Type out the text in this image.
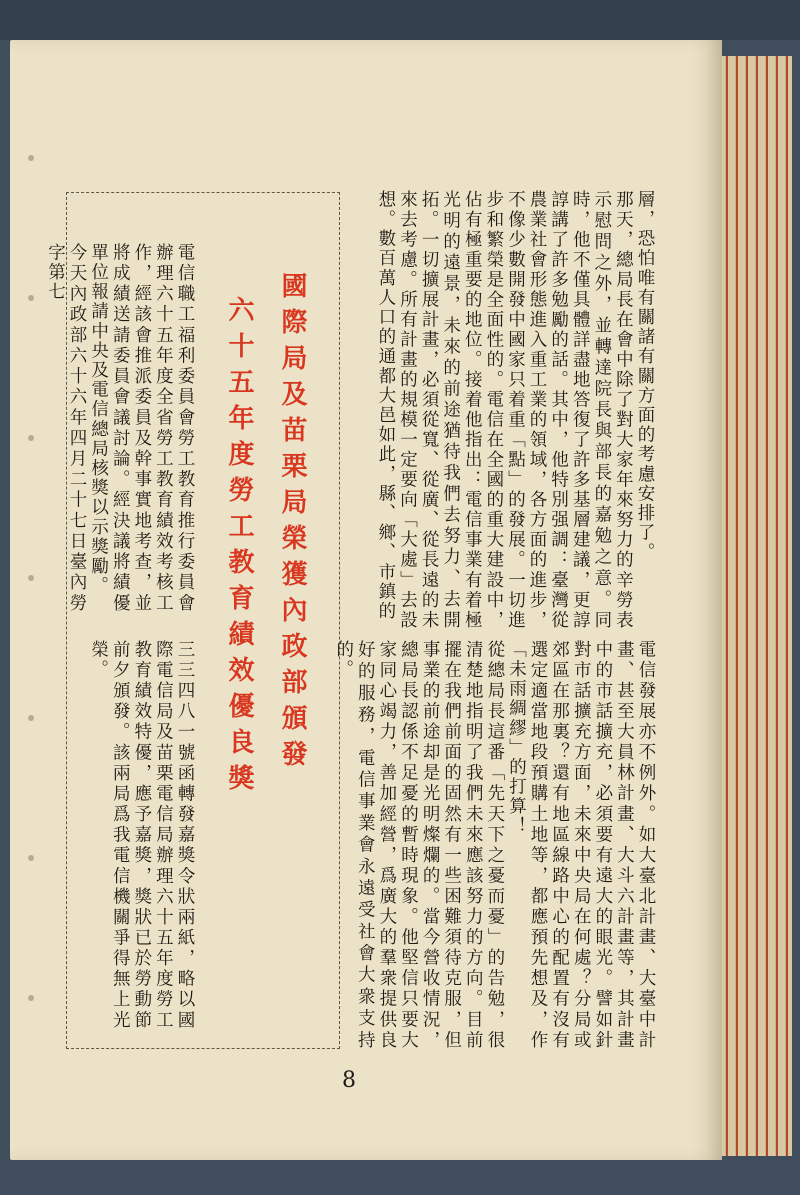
層，恐怕唯有關諸有關方面的考慮安排了。
那天，總局長在會中除了對大家年來努力的辛勞表示慰問之外，並轉達院長與部長的嘉勉之意。同時，他不僅具體詳盡地答復了許多基層建議，更諄諄講了許多勉勵的話。其中，他特別强調：臺灣從農業社會形態進入重工業的領域，各方面的進步，不像少數開發中國家只着重「點」的發展。一切進步和繁榮是全面性的。電信在全國的重大建設中，佔有極重要的地位。接着他指出：電信事業有着極光明的遠景，未來的前途猶待我們去努力、去開拓。一切擴展計畫，必須從寬、從廣、從長遠的未來去考慮。所有計畫的規模一定要向「大處」去設想。數百萬人口的通都大邑如此，縣、鄉、市鎮的
電信發展亦不例外。如大臺北計畫、大臺中計畫、甚至大員林計畫、大斗六計畫等，其計畫中的市話擴充，必須要有遠大的眼光。譬如針對市話擴充方面，未來中央局在何處？分局或郊區在那裏？還有地區線路中心的配置有沒有選定適當地段預購土地等，都應預先想及，作「未雨綢繆」的打算！
從總局長這番「先天下之憂而憂」的告勉，很清楚地指明了我們未來應該努力的方向。目前擺在我們前面的固然有一些困難須待克服，但事業的前途却是光明燦爛的。當今營收情況，總局長認係不足憂的暫時現象。他堅信只要大家同心竭力，善加經營，爲廣大的羣衆提供良好的服務，電信事業會永遠受社會大衆支持的。
國際局及苗栗局榮獲內政部頒發
六十五年度勞工教育績效優良獎
電信職工福利委員會勞工教育推行委員會辦理六十五年度全省勞工教育績效考核工作，經該會推派委員及幹事實地考查，並將成績送請委員會議討論。經決議將績優單位報請中央及電信總局核獎以示獎勵。
今天內政部六十六年四月二十七日臺內勞字第七
三三四八一號函轉發嘉獎令狀兩紙，略以國際電信局及苗栗電信局辦理六十五年度勞工教育績效特優，應予嘉獎，獎狀已於勞動節前夕頒發。該兩局爲我電信機關爭得無上光榮。
8
